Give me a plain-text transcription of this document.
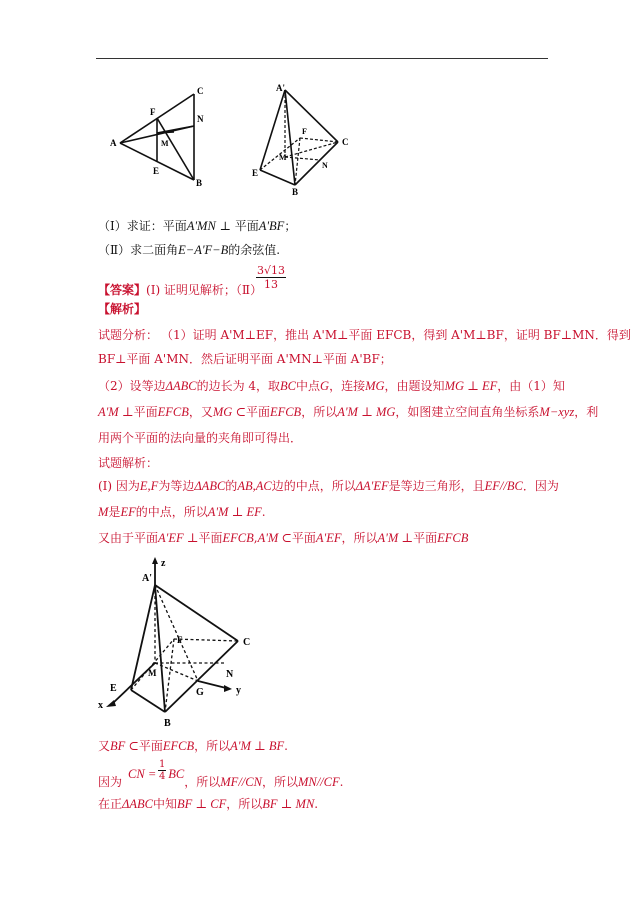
A
F
C
N
M
E
B
A'
F
C
M
N
E
B
（Ⅰ）求证：平面A'MN ⊥ 平面A'BF；
（Ⅱ）求二面角E−A'F−B的余弦值.
【答案】(Ⅰ) 证明见解析；（Ⅱ）
$\frac{3√13}{13}$
【解析】
试题分析： （1）证明 A'M⊥EF，推出 A'M⊥平面 EFCB，得到 A'M⊥BF，证明 BF⊥MN．得到
BF⊥平面 A'MN．然后证明平面 A'MN⊥平面 A'BF；
（2）设等边ΔABC的边长为 4，取BC中点G，连接MG，由题设知MG ⊥ EF，由（1）知
A'M ⊥平面EFCB，又MG ⊂平面EFCB，所以A'M ⊥ MG，如图建立空间直角坐标系M−xyz，利
用两个平面的法向量的夹角即可得出．
试题解析：
(Ⅰ) 因为E,F为等边ΔABC的AB,AC边的中点，所以ΔA'EF是等边三角形，且EF//BC．因为
M是EF的中点，所以A'M ⊥ EF.
又由于平面A'EF ⊥平面EFCB,A'M ⊂平面A'EF，所以A'M ⊥平面EFCB
A'
z
F	C
M	N
E	G	y
x
B
又BF ⊂平面EFCB，所以A'M ⊥ BF.
因为CN = BC，所以MF//CN，所以MN//CF.
$\frac{1}{4}$
在正ΔABC中知BF ⊥ CF，所以BF ⊥ MN.
